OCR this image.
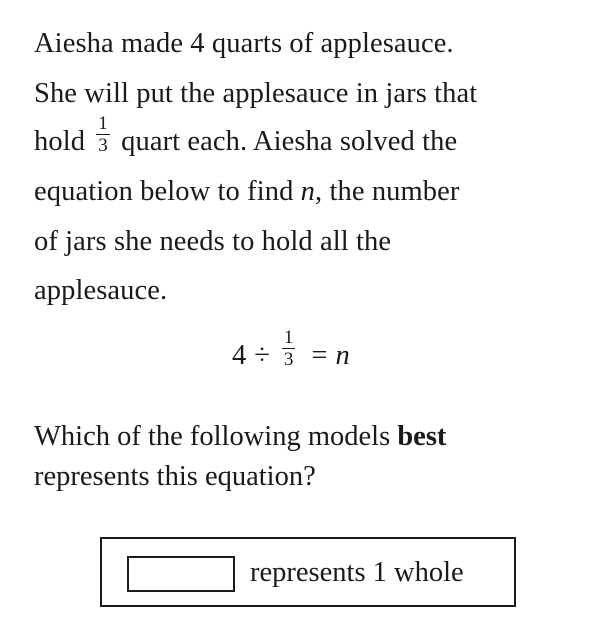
Aiesha made 4 quarts of applesauce.
She will put the applesauce in jars that
hold $\frac{1}{3}$ quart each. Aiesha solved the
equation below to find n, the number
of jars she needs to hold all the
applesauce.
$4 \div \frac{1}{3} = n$
Which of the following models best
represents this equation?
represents 1 whole
